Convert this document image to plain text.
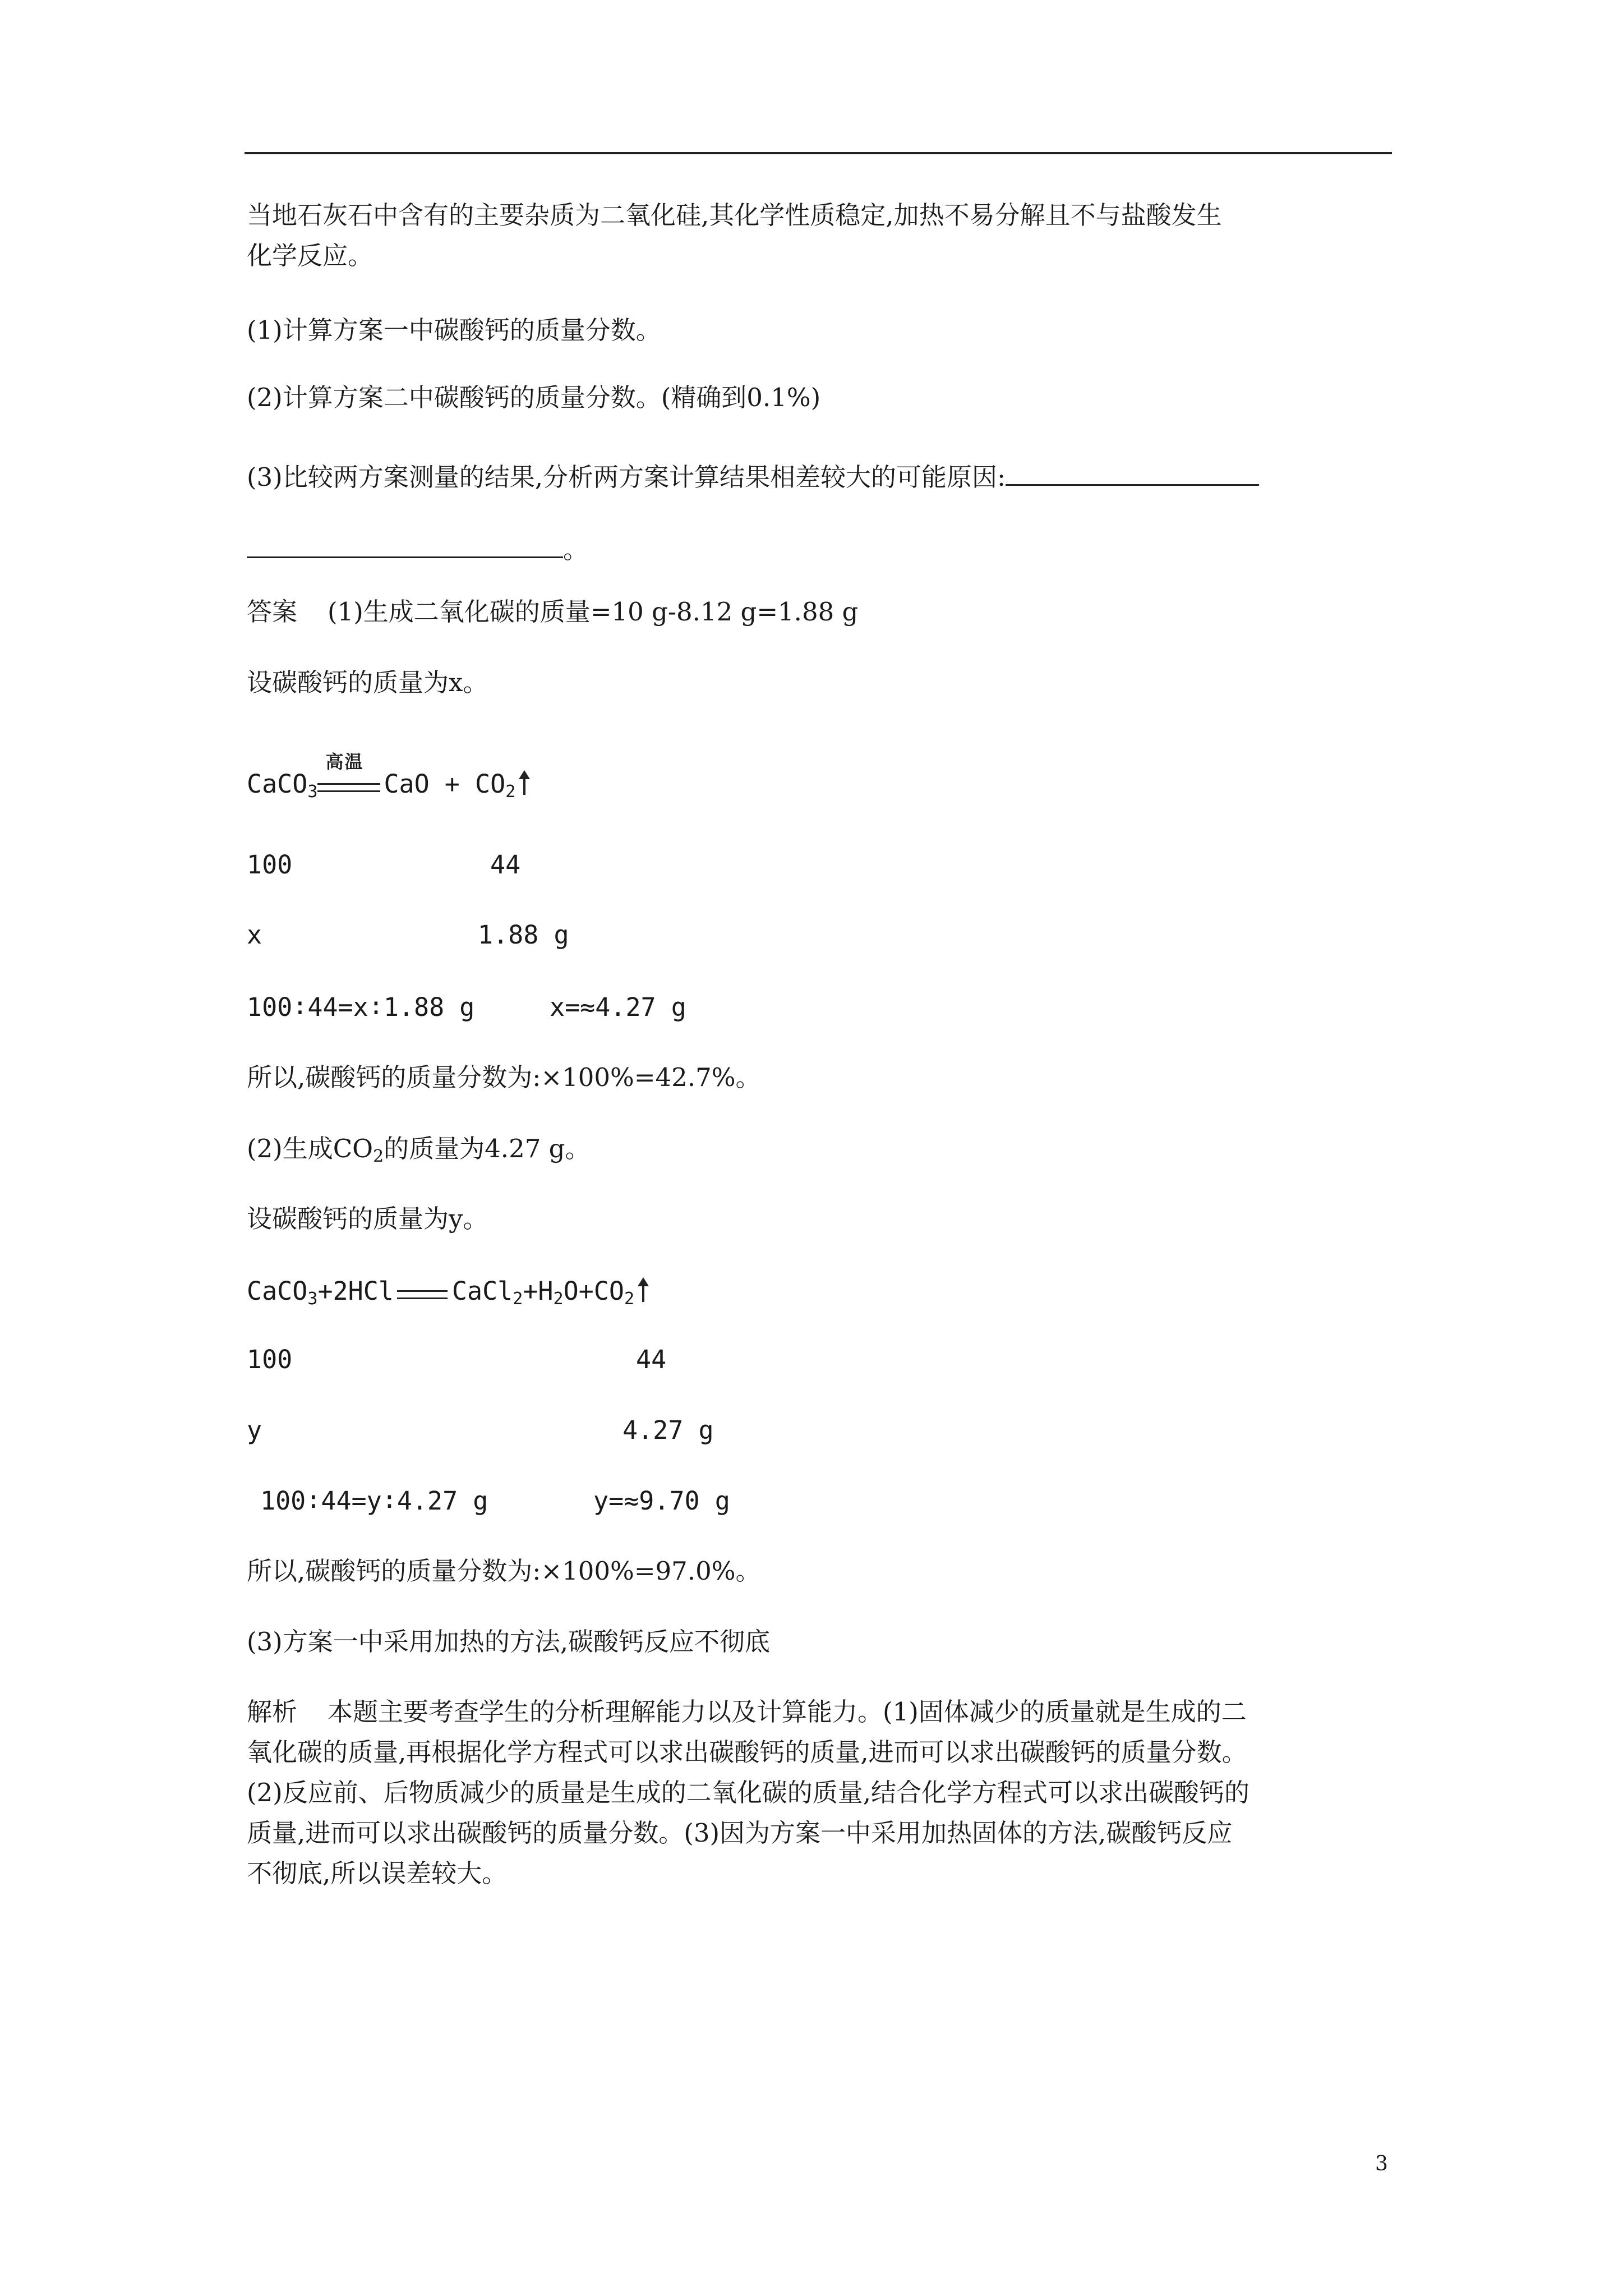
当地石灰石中含有的主要杂质为二氧化硅,其化学性质稳定,加热不易分解且不与盐酸发生
化学反应。
(1)计算方案一中碳酸钙的质量分数。
(2)计算方案二中碳酸钙的质量分数。(精确到0.1%)
(3)比较两方案测量的结果,分析两方案计算结果相差较大的可能原因:
。
答案 (1)生成二氧化碳的质量=10 g-8.12 g=1.88 g
设碳酸钙的质量为x。
CaCO$_3$
高温
CaO + $CO_2$
100	44
x	1.88 g
100∶44=x∶1.88 g	x=≈4.27 g
所以,碳酸钙的质量分数为:×100%=42.7%。
(2)生成$CO_2$的质量为4.27 g。
设碳酸钙的质量为y。
CaCO$_3$+2HCl $CaCl_2+H_2O+CO_2$
100	44
y	4.27 g
100∶44=y∶4.27 g	y=≈9.70 g
所以,碳酸钙的质量分数为:×100%=97.0%。
(3)方案一中采用加热的方法,碳酸钙反应不彻底
解析 本题主要考查学生的分析理解能力以及计算能力。(1)固体减少的质量就是生成的二
氧化碳的质量,再根据化学方程式可以求出碳酸钙的质量,进而可以求出碳酸钙的质量分数。
(2)反应前、后物质减少的质量是生成的二氧化碳的质量,结合化学方程式可以求出碳酸钙的
质量,进而可以求出碳酸钙的质量分数。(3)因为方案一中采用加热固体的方法,碳酸钙反应
不彻底,所以误差较大。
3
